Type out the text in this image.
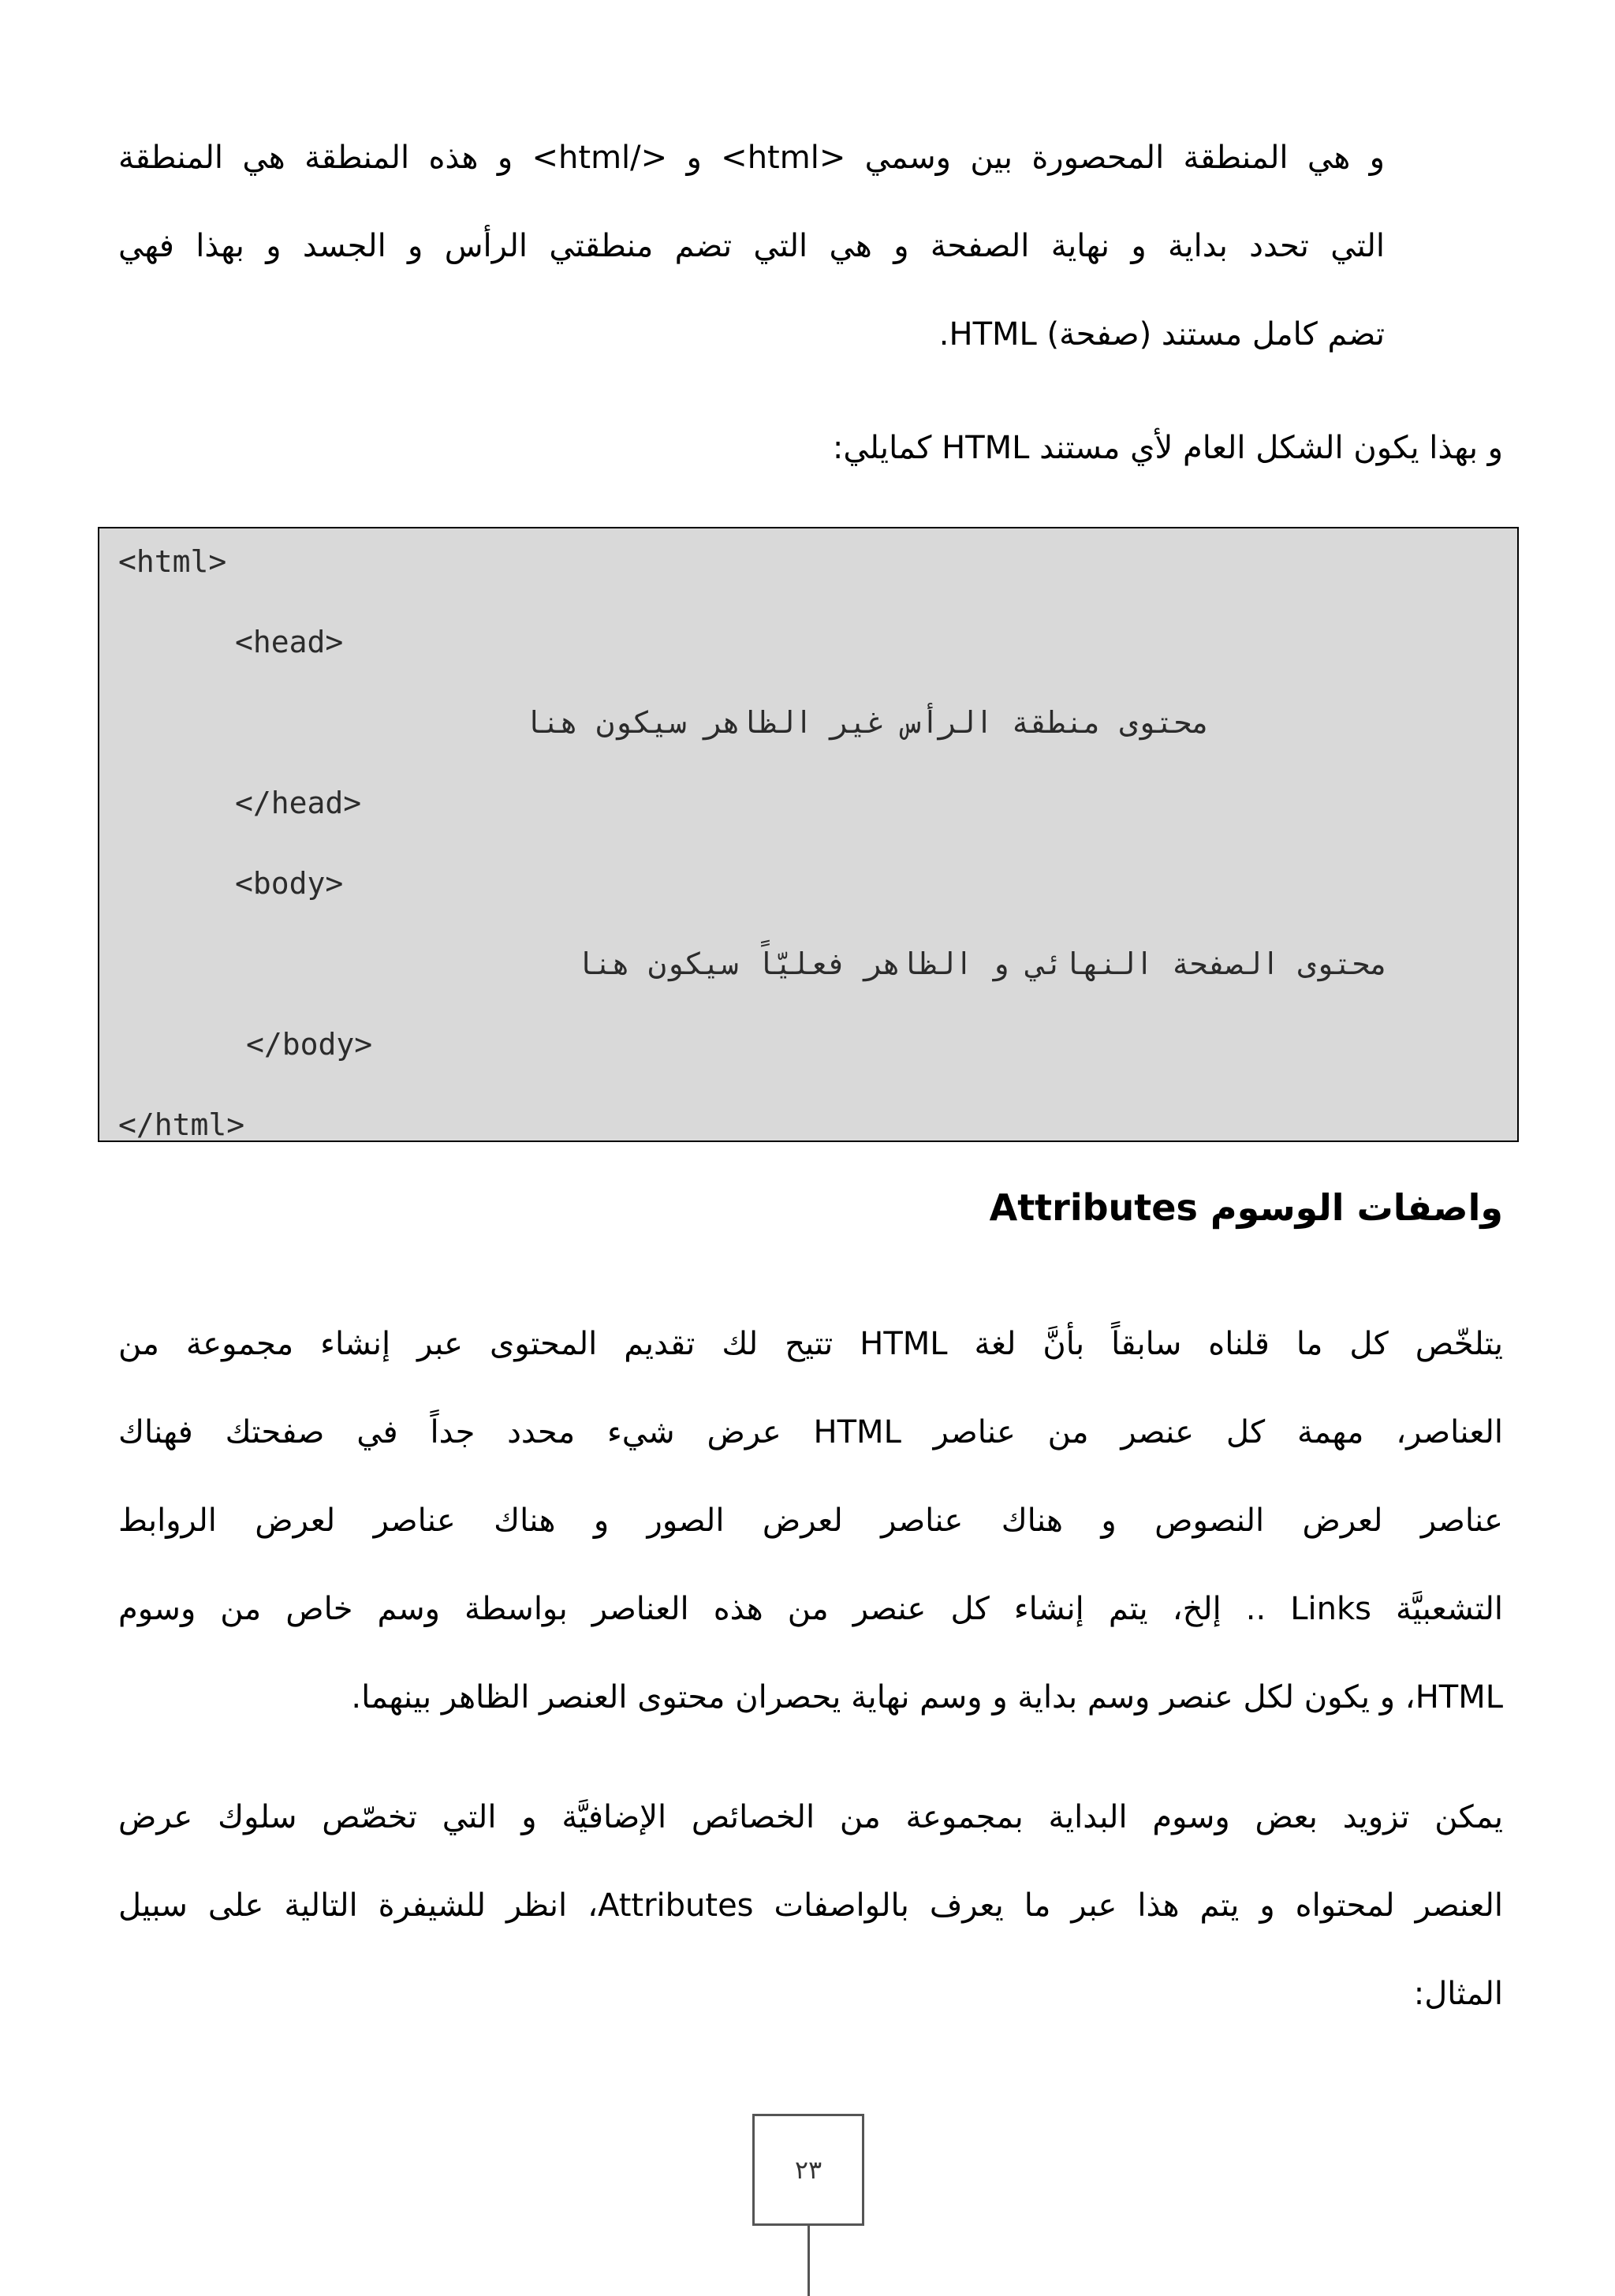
و هي المنطقة المحصورة بين وسمي <html> و </html> و هذه المنطقة هي المنطقة
التي تحدد بداية و نهاية الصفحة و هي التي تضم منطقتي الرأس و الجسد و بهذا فهي
تضم كامل مستند (صفحة) HTML.
و بهذا يكون الشكل العام لأي مستند HTML كمايلي:
<html>
<head>
محتوى منطقة الرأس غير الظاهر سيكون هنا
</head>
<body>
محتوى الصفحة النهائي و الظاهر فعليّاً سيكون هنا
</body>
</html>
واصفات الوسوم Attributes
يتلخّص كل ما قلناه سابقاً بأنَّ لغة HTML تتيح لك تقديم المحتوى عبر إنشاء مجموعة من
العناصر، مهمة كل عنصر من عناصر HTML عرض شيء محدد جداً في صفحتك فهناك
عناصر لعرض النصوص و هناك عناصر لعرض الصور و هناك عناصر لعرض الروابط
التشعبيَّة Links .. إلخ، يتم إنشاء كل عنصر من هذه العناصر بواسطة وسم خاص من وسوم
HTML، و يكون لكل عنصر وسم بداية و وسم نهاية يحصران محتوى العنصر الظاهر بينهما.
يمكن تزويد بعض وسوم البداية بمجموعة من الخصائص الإضافيَّة و التي تخصّص سلوك عرض
العنصر لمحتواه و يتم هذا عبر ما يعرف بالواصفات Attributes، انظر للشيفرة التالية على سبيل
المثال:
٢٣
